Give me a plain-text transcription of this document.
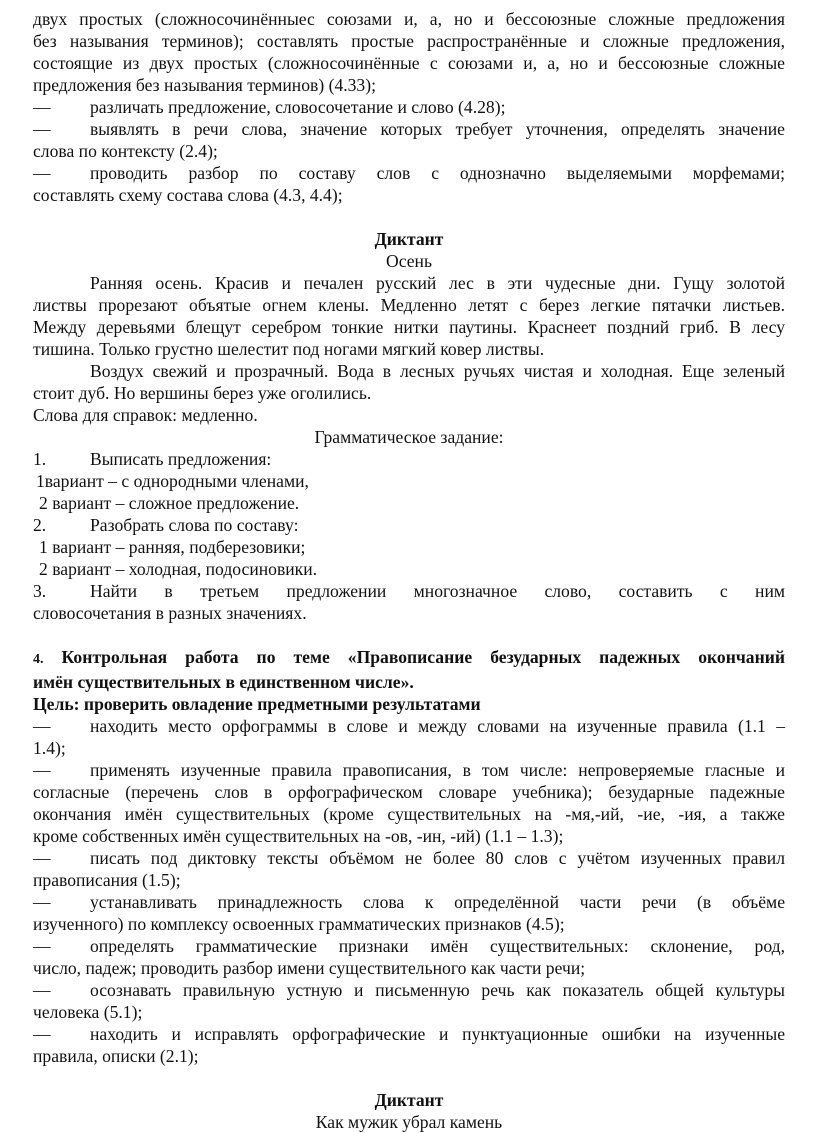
двух простых (сложносочинённыес союзами и, а, но и бессоюзные сложные предложения

без называния терминов); составлять простые распространённые и сложные предложения,

состоящие из двух простых (сложносочинённые с союзами и, а, но и бессоюзные сложные

предложения без называния терминов) (4.33);

— различать предложение, словосочетание и слово (4.28);

— выявлять в речи слова, значение которых требует уточнения, определять значение

слова по контексту (2.4);

— проводить разбор по составу слов с однозначно выделяемыми морфемами;

составлять схему состава слова (4.3, 4.4);

Диктант

Осень

Ранняя осень. Красив и печален русский лес в эти чудесные дни. Гущу золотой

листвы прорезают объятые огнем клены. Медленно летят с берез легкие пятачки листьев.

Между деревьями блещут серебром тонкие нитки паутины. Краснеет поздний гриб. В лесу

тишина. Только грустно шелестит под ногами мягкий ковер листвы.

Воздух свежий и прозрачный. Вода в лесных ручьях чистая и холодная. Еще зеленый

стоит дуб. Но вершины берез уже оголились.

Слова для справок: медленно.

Грамматическое задание:

1. Выписать предложения:

1вариант – с однородными членами,

2 вариант – сложное предложение.

2. Разобрать слова по составу:

1 вариант – ранняя, подберезовики;

2 вариант – холодная, подосиновики.

3. Найти в третьем предложении многозначное слово, составить с ним

словосочетания в разных значениях.

4. Контрольная работа по теме «Правописание безударных падежных окончаний

имён существительных в единственном числе».

Цель: проверить овладение предметными результатами

— находить место орфограммы в слове и между словами на изученные правила (1.1 –

1.4);

— применять изученные правила правописания, в том числе: непроверяемые гласные и

согласные (перечень слов в орфографическом словаре учебника); безударные падежные

окончания имён существительных (кроме существительных на -мя,-ий, -ие, -ия, а также

кроме собственных имён существительных на -ов, -ин, -ий) (1.1 – 1.3);

— писать под диктовку тексты объёмом не более 80 слов с учётом изученных правил

правописания (1.5);

— устанавливать принадлежность слова к определённой части речи (в объёме

изученного) по комплексу освоенных грамматических признаков (4.5);

— определять грамматические признаки имён существительных: склонение, род,

число, падеж; проводить разбор имени существительного как части речи;

— осознавать правильную устную и письменную речь как показатель общей культуры

человека (5.1);

— находить и исправлять орфографические и пунктуационные ошибки на изученные

правила, описки (2.1);

Диктант

Как мужик убрал камень
